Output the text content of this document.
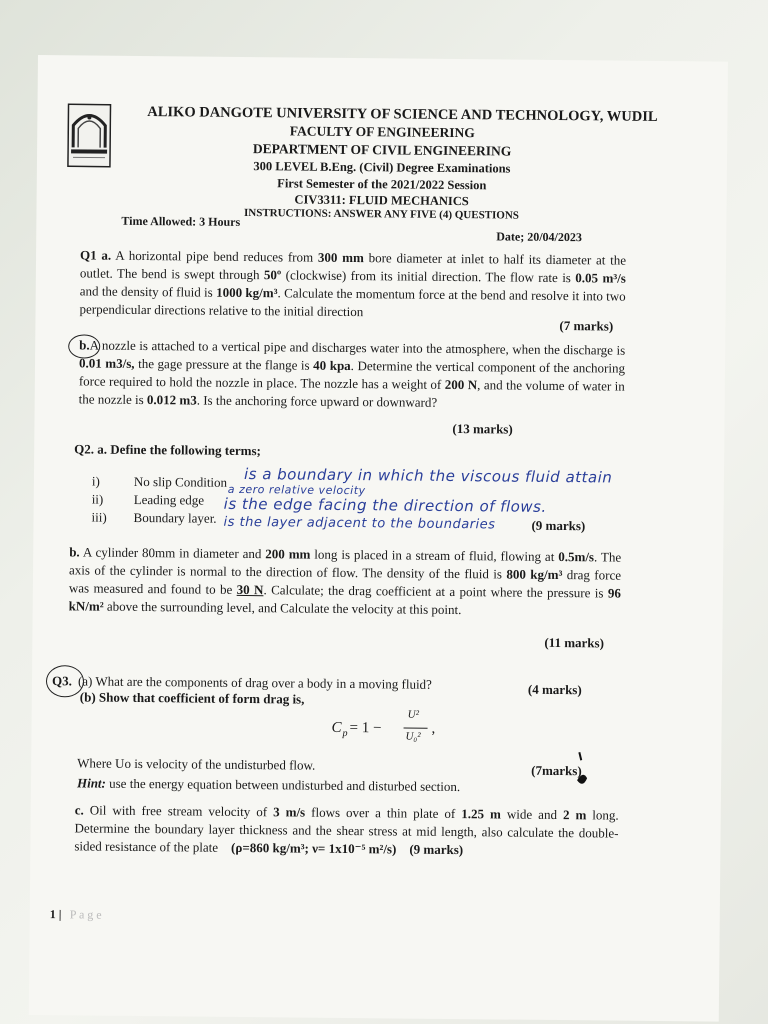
ALIKO DANGOTE UNIVERSITY OF SCIENCE AND TECHNOLOGY, WUDIL
FACULTY OF ENGINEERING
DEPARTMENT OF CIVIL ENGINEERING
300 LEVEL B.Eng. (Civil) Degree Examinations
First Semester of the 2021/2022 Session
CIV3311: FLUID MECHANICS
INSTRUCTIONS: ANSWER ANY FIVE (4) QUESTIONS
Time Allowed: 3 Hours
Date; 20/04/2023

Q1 a. A horizontal pipe bend reduces from 300 mm bore diameter at inlet to half its diameter at the outlet. The bend is swept through 50º (clockwise) from its initial direction. The flow rate is 0.05 m³/s and the density of fluid is 1000 kg/m³. Calculate the momentum force at the bend and resolve it into two perpendicular directions relative to the initial direction

(7 marks)

b.A nozzle is attached to a vertical pipe and discharges water into the atmosphere, when the discharge is 0.01 m3/s, the gage pressure at the flange is 40 kpa. Determine the vertical component of the anchoring force required to hold the nozzle in place. The nozzle has a weight of 200 N, and the volume of water in the nozzle is 0.012 m3. Is the anchoring force upward or downward?

(13 marks)
Q2. a. Define the following terms;
i)	No slip Condition
ii) Leading edge
iii) Boundary layer.	(9 marks)
is a boundary in which the viscous fluid attain
a zero relative velocity
is the edge facing the direction of flows.
is the layer adjacent to the boundaries

b. A cylinder 80mm in diameter and 200 mm long is placed in a stream of fluid, flowing at 0.5m/s. The axis of the cylinder is normal to the direction of flow. The density of the fluid is 800 kg/m³ drag force was measured and found to be 30 N. Calculate; the drag coefficient at a point where the pressure is 96 kN/m² above the surrounding level, and Calculate the velocity at this point.

(11 marks)
Q3. (a) What are the components of drag over a body in a moving fluid?	(4 marks)
(b) Show that coefficient of form drag is,
C p = 1 −
U²
U₀² ,
Where Uo is velocity of the undisturbed flow.
Hint: use the energy equation between undisturbed and disturbed section.
(7marks)

c. Oil with free stream velocity of 3 m/s flows over a thin plate of 1.25 m wide and 2 m long. Determine the boundary layer thickness and the shear stress at mid length, also calculate the double-sided resistance of the plate (ρ=860 kg/m³; ν= 1x10⁻⁵ m²/s) (9 marks)

1 | P a g e
